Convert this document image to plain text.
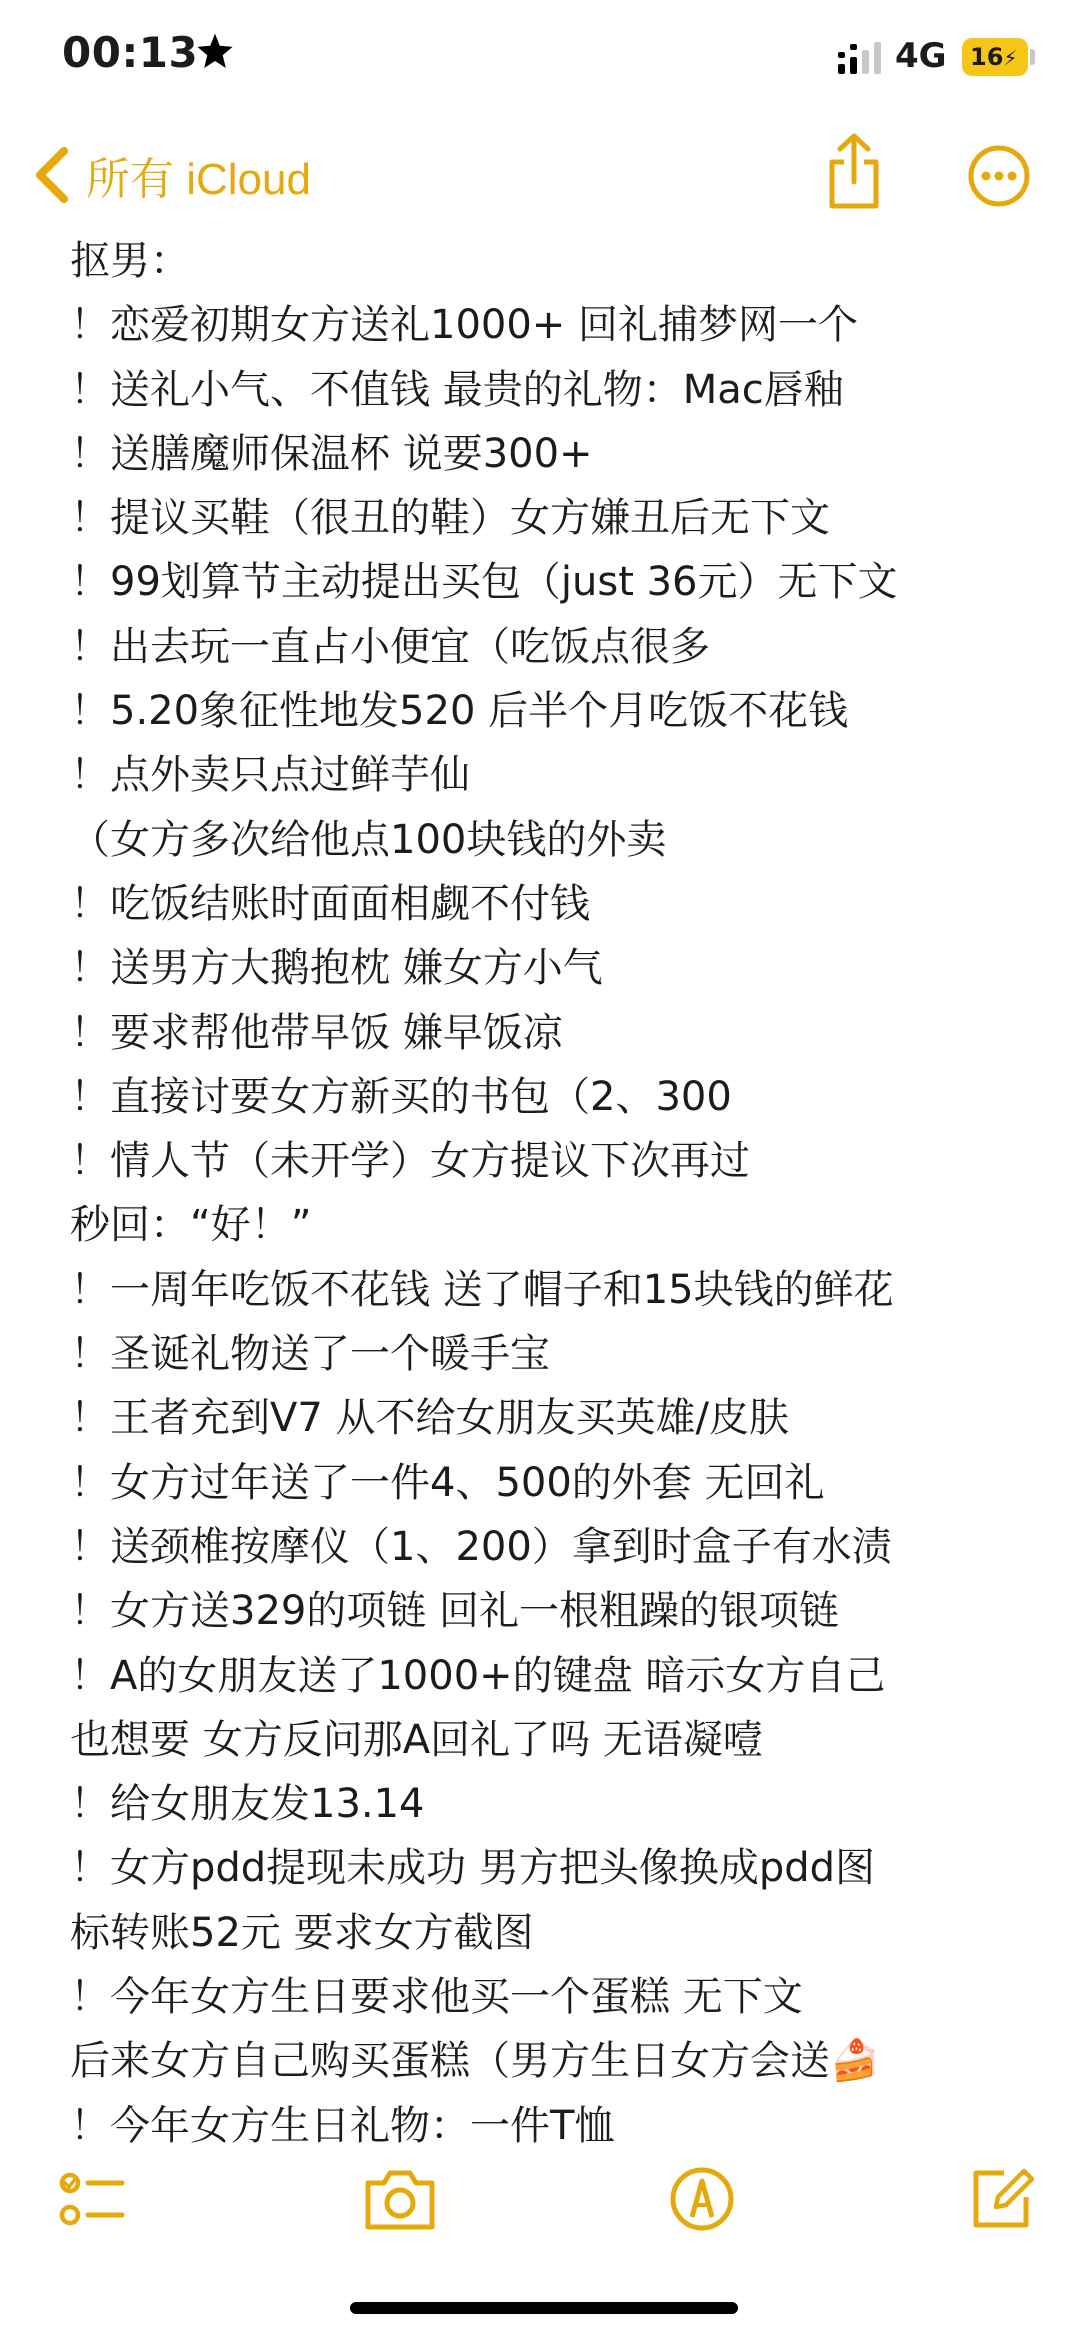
00:13	4G 16⚡
所有 iCloud
抠男：
！恋爱初期女方送礼1000+ 回礼捕梦网一个
！送礼小气、不值钱 最贵的礼物：Mac唇釉
！送膳魔师保温杯 说要300+
！提议买鞋（很丑的鞋）女方嫌丑后无下文
！99划算节主动提出买包（just 36元）无下文
！出去玩一直占小便宜（吃饭点很多
！5.20象征性地发520 后半个月吃饭不花钱
！点外卖只点过鲜芋仙
（女方多次给他点100块钱的外卖
！吃饭结账时面面相觑不付钱
！送男方大鹅抱枕 嫌女方小气
！要求帮他带早饭 嫌早饭凉
！直接讨要女方新买的书包（2、300
！情人节（未开学）女方提议下次再过
秒回：“好！”
！一周年吃饭不花钱 送了帽子和15块钱的鲜花
！圣诞礼物送了一个暖手宝
！王者充到V7 从不给女朋友买英雄/皮肤
！女方过年送了一件4、500的外套 无回礼
！送颈椎按摩仪（1、200）拿到时盒子有水渍
！女方送329的项链 回礼一根粗躁的银项链
！A的女朋友送了1000+的键盘 暗示女方自己
也想要 女方反问那A回礼了吗 无语凝噎
！给女朋友发13.14
！女方pdd提现未成功 男方把头像换成pdd图
标转账52元 要求女方截图
！今年女方生日要求他买一个蛋糕 无下文
后来女方自己购买蛋糕（男方生日女方会送🍰
！今年女方生日礼物：一件T恤
